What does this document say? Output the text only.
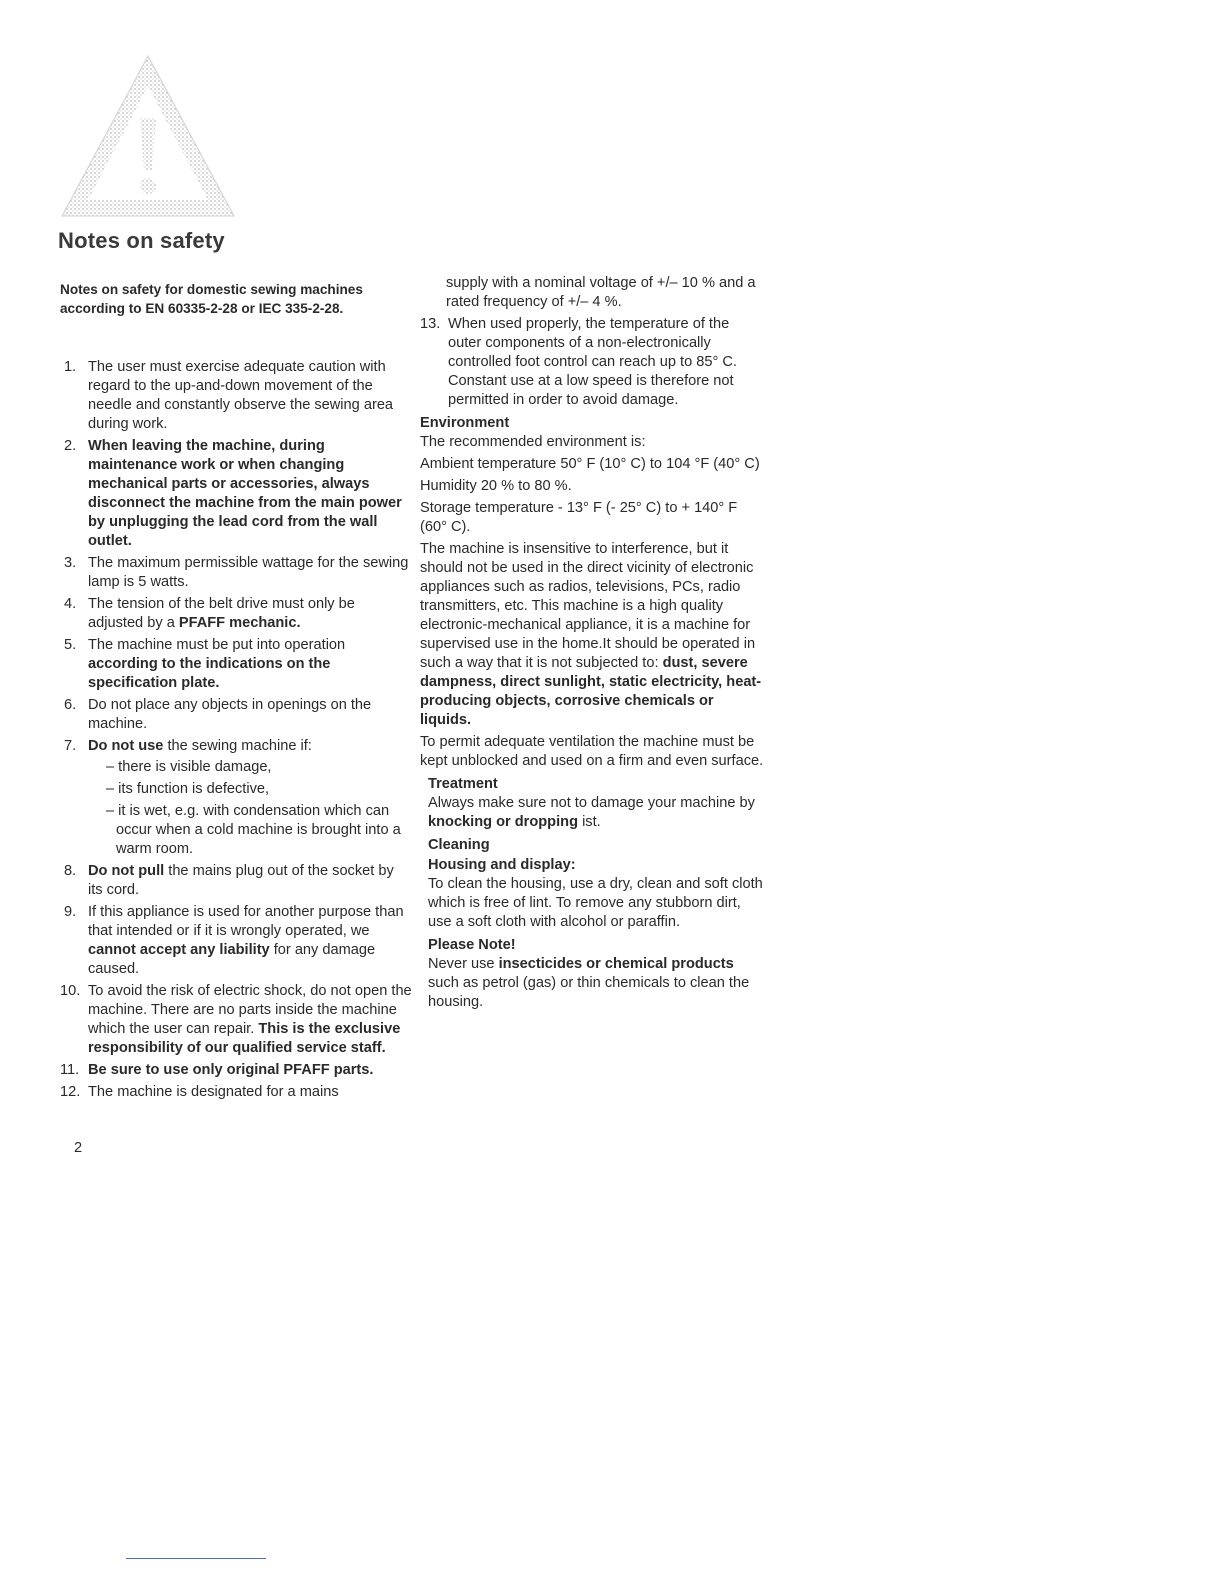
Notes on safety
Notes on safety for domestic sewing machines
according to EN 60335-2-28 or IEC 335-2-28.
1. The user must exercise adequate caution with regard to the up-and-down movement of the needle and constantly observe the sewing area during work.
2. When leaving the machine, during maintenance work or when changing mechanical parts or accessories, always disconnect the machine from the main power by unplugging the lead cord from the wall outlet.
3. The maximum permissible wattage for the sewing lamp is 5 watts.
4. The tension of the belt drive must only be adjusted by a PFAFF mechanic.
5. The machine must be put into operation according to the indications on the specification plate.
6. Do not place any objects in openings on the machine.
7. Do not use the sewing machine if:
– there is visible damage,
– its function is defective,
– it is wet, e.g. with condensation which can occur when a cold machine is brought into a warm room.
8. Do not pull the mains plug out of the socket by its cord.
9. If this appliance is used for another purpose than that intended or if it is wrongly operated, we cannot accept any liability for any damage caused.
10. To avoid the risk of electric shock, do not open the machine. There are no parts inside the machine which the user can repair. This is the exclusive responsibility of our qualified service staff.
11. Be sure to use only original PFAFF parts.
12. The machine is designated for a mains
2

supply with a nominal voltage of +/– 10 % and a rated frequency of +/– 4 %.

13. When used properly, the temperature of the outer components of a non-electronically controlled foot control can reach up to 85° C. Constant use at a low speed is therefore not permitted in order to avoid damage.
Environment

The recommended environment is:

Ambient temperature 50° F (10° C) to 104 °F (40° C)

Humidity 20 % to 80 %.

Storage temperature - 13° F (- 25° C) to + 140° F (60° C).

The machine is insensitive to interference, but it should not be used in the direct vicinity of electronic appliances such as radios, televisions, PCs, radio transmitters, etc. This machine is a high quality electronic-mechanical appliance, it is a machine for supervised use in the home.It should be operated in such a way that it is not subjected to: dust, severe dampness, direct sunlight, static electricity, heat-producing objects, corrosive chemicals or liquids.

To permit adequate ventilation the machine must be kept unblocked and used on a firm and even surface.

Treatment

Always make sure not to damage your machine by knocking or dropping ist.

Cleaning
Housing and display:

To clean the housing, use a dry, clean and soft cloth which is free of lint. To remove any stubborn dirt, use a soft cloth with alcohol or paraffin.

Please Note!

Never use insecticides or chemical products such as petrol (gas) or thin chemicals to clean the housing.
